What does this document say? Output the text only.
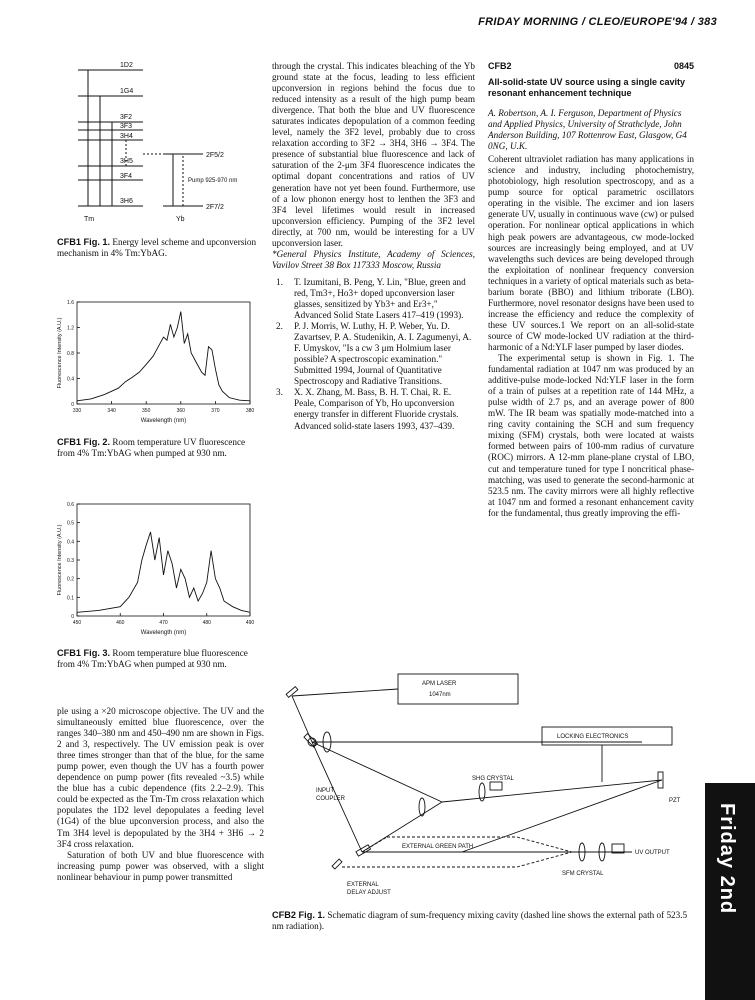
FRIDAY MORNING / CLEO/EUROPE'94 / 383
1D2
1G4
3F2
3F3
3H4
3H5
3F4
3H6
2F5/2
2F7/2
Pump 925-970 nm
Tm	Yb
CFB1 Fig. 1. Energy level scheme and upconversion mechanism in 4% Tm:YbAG.
330	340	350	360	370	380
0
0.4
0.8
1.2
1.6
Wavelength (nm)
Fluorescence Intensity (A.U.)
CFB1 Fig. 2. Room temperature UV fluorescence from 4% Tm:YbAG when pumped at 930 nm.
450	460	470	480	490
0
0.1
0.2
0.3
0.4
0.5
0.6
Wavelength (nm)
Fluorescence Intensity (A.U.)
CFB1 Fig. 3. Room temperature blue fluorescence from 4% Tm:YbAG when pumped at 930 nm.

ple using a ×20 microscope objective. The UV and the simultaneously emitted blue fluorescence, over the ranges 340–380 nm and 450–490 nm are shown in Figs. 2 and 3, respectively. The UV emission peak is over three times stronger than that of the blue, for the same pump power, even though the UV has a fourth power dependence on pump power (fits revealed ~3.5) while the blue has a cubic dependence (fits 2.2–2.9). This could be expected as the Tm-Tm cross relaxation which populates the 1D2 level depopulates a feeding level (1G4) of the blue upconversion process, and also the Tm 3H4 level is depopulated by the 3H4 + 3H6 → 2 3F4 cross relaxation.

Saturation of both UV and blue fluorescence with increasing pump power was observed, with a slight nonlinear behaviour in pump power transmitted

through the crystal. This indicates bleaching of the Yb ground state at the focus, leading to less efficient upconversion in regions behind the focus due to reduced intensity as a result of the high pump beam divergence. That both the blue and UV fluorescence saturates indicates depopulation of a common feeding level, namely the 3F2 level, probably due to cross relaxation according to 3F2 → 3H4, 3H6 → 3F4. The presence of substantial blue fluorescence and lack of saturation of the 2-μm 3F4 fluorescence indicates the optimal dopant concentrations and ratios of UV generation have not yet been found. Furthermore, use of a low phonon energy host to lenthen the 3F3 and 3F4 level lifetimes would result in increased upconversion efficiency. Pumping of the 3F2 level directly, at 700 nm, would be interesting for a UV upconversion laser.

*General Physics Institute, Academy of Sciences, Vavilov Street 38 Box 117333 Moscow, Russia

1. T. Izumitani, B. Peng, Y. Lin, "Blue, green and red, Tm3+, Ho3+ doped upconversion laser glasses, sensitized by Yb3+ and Er3+," Advanced Solid State Lasers 417–419 (1993).
2. P. J. Morris, W. Luthy, H. P. Weber, Yu. D. Zavartsev, P. A. Studenikin, A. I. Zagumenyi, A. F. Umyskov, "Is a cw 3 μm Holmium laser possible? A spectroscopic examination." Submitted 1994, Journal of Quantitative Spectroscopy and Radiative Transitions.
3. X. X. Zhang, M. Bass, B. H. T. Chai, R. E. Peale, Comparison of Yb, Ho upconversion energy transfer in different Fluoride crystals. Advanced solid-state lasers 1993, 437–439.
CFB2	0845
All-solid-state UV source using a single cavity resonant enhancement technique
A. Robertson, A. I. Ferguson, Department of Physics and Applied Physics, University of Strathclyde, John Anderson Building, 107 Rottenrow East, Glasgow, G4 0NG, U.K.

Coherent ultraviolet radiation has many applications in science and industry, including photochemistry, photobiology, high resolution spectroscopy, and as a pump source for optical parametric oscillators operating in the visible. The excimer and ion lasers generate UV, usually in continuous wave (cw) or pulsed operation. For nonlinear optical applications in which high peak powers are advantageous, cw mode-locked sources are increasingly being employed, and at UV wavelengths such devices are being developed through the exploitation of nonlinear frequency conversion techniques in a variety of optical materials such as beta-barium borate (BBO) and lithium triborate (LBO). Furthermore, novel resonator designs have been used to increase the efficiency and reduce the complexity of these UV sources.1 We report on an all-solid-state source of CW mode-locked UV radiation at the third-harmonic of a Nd:YLF laser pumped by laser diodes.

The experimental setup is shown in Fig. 1. The fundamental radiation at 1047 nm was produced by an additive-pulse mode-locked Nd:YLF laser in the form of a train of pulses at a repetition rate of 144 MHz, a pulse width of 2.7 ps, and an average power of 800 mW. The IR beam was spatially mode-matched into a ring cavity containing the SCH and sum frequency mixing (SFM) crystals, both were located at waists formed between pairs of 100-mm radius of curvature (ROC) mirrors. A 12-mm plane-plane crystal of LBO, cut and temperature tuned for type I noncritical phase-matching, was used to generate the second-harmonic at 523.5 nm. The cavity mirrors were all highly reflective at 1047 nm and formed a resonant enhancement cavity for the fundamental, thus greatly improving the effi-

APM LASER
1047nm
LOCKING ELECTRONICS
SHG CRYSTAL
INPUT
COUPLER	PZT
EXTERNAL GREEN PATH
UV OUTPUT
SFM CRYSTAL
EXTERNAL
DELAY ADJUST
CFB2 Fig. 1. Schematic diagram of sum-frequency mixing cavity (dashed line shows the external path of 523.5 nm radiation).
Friday 2nd
